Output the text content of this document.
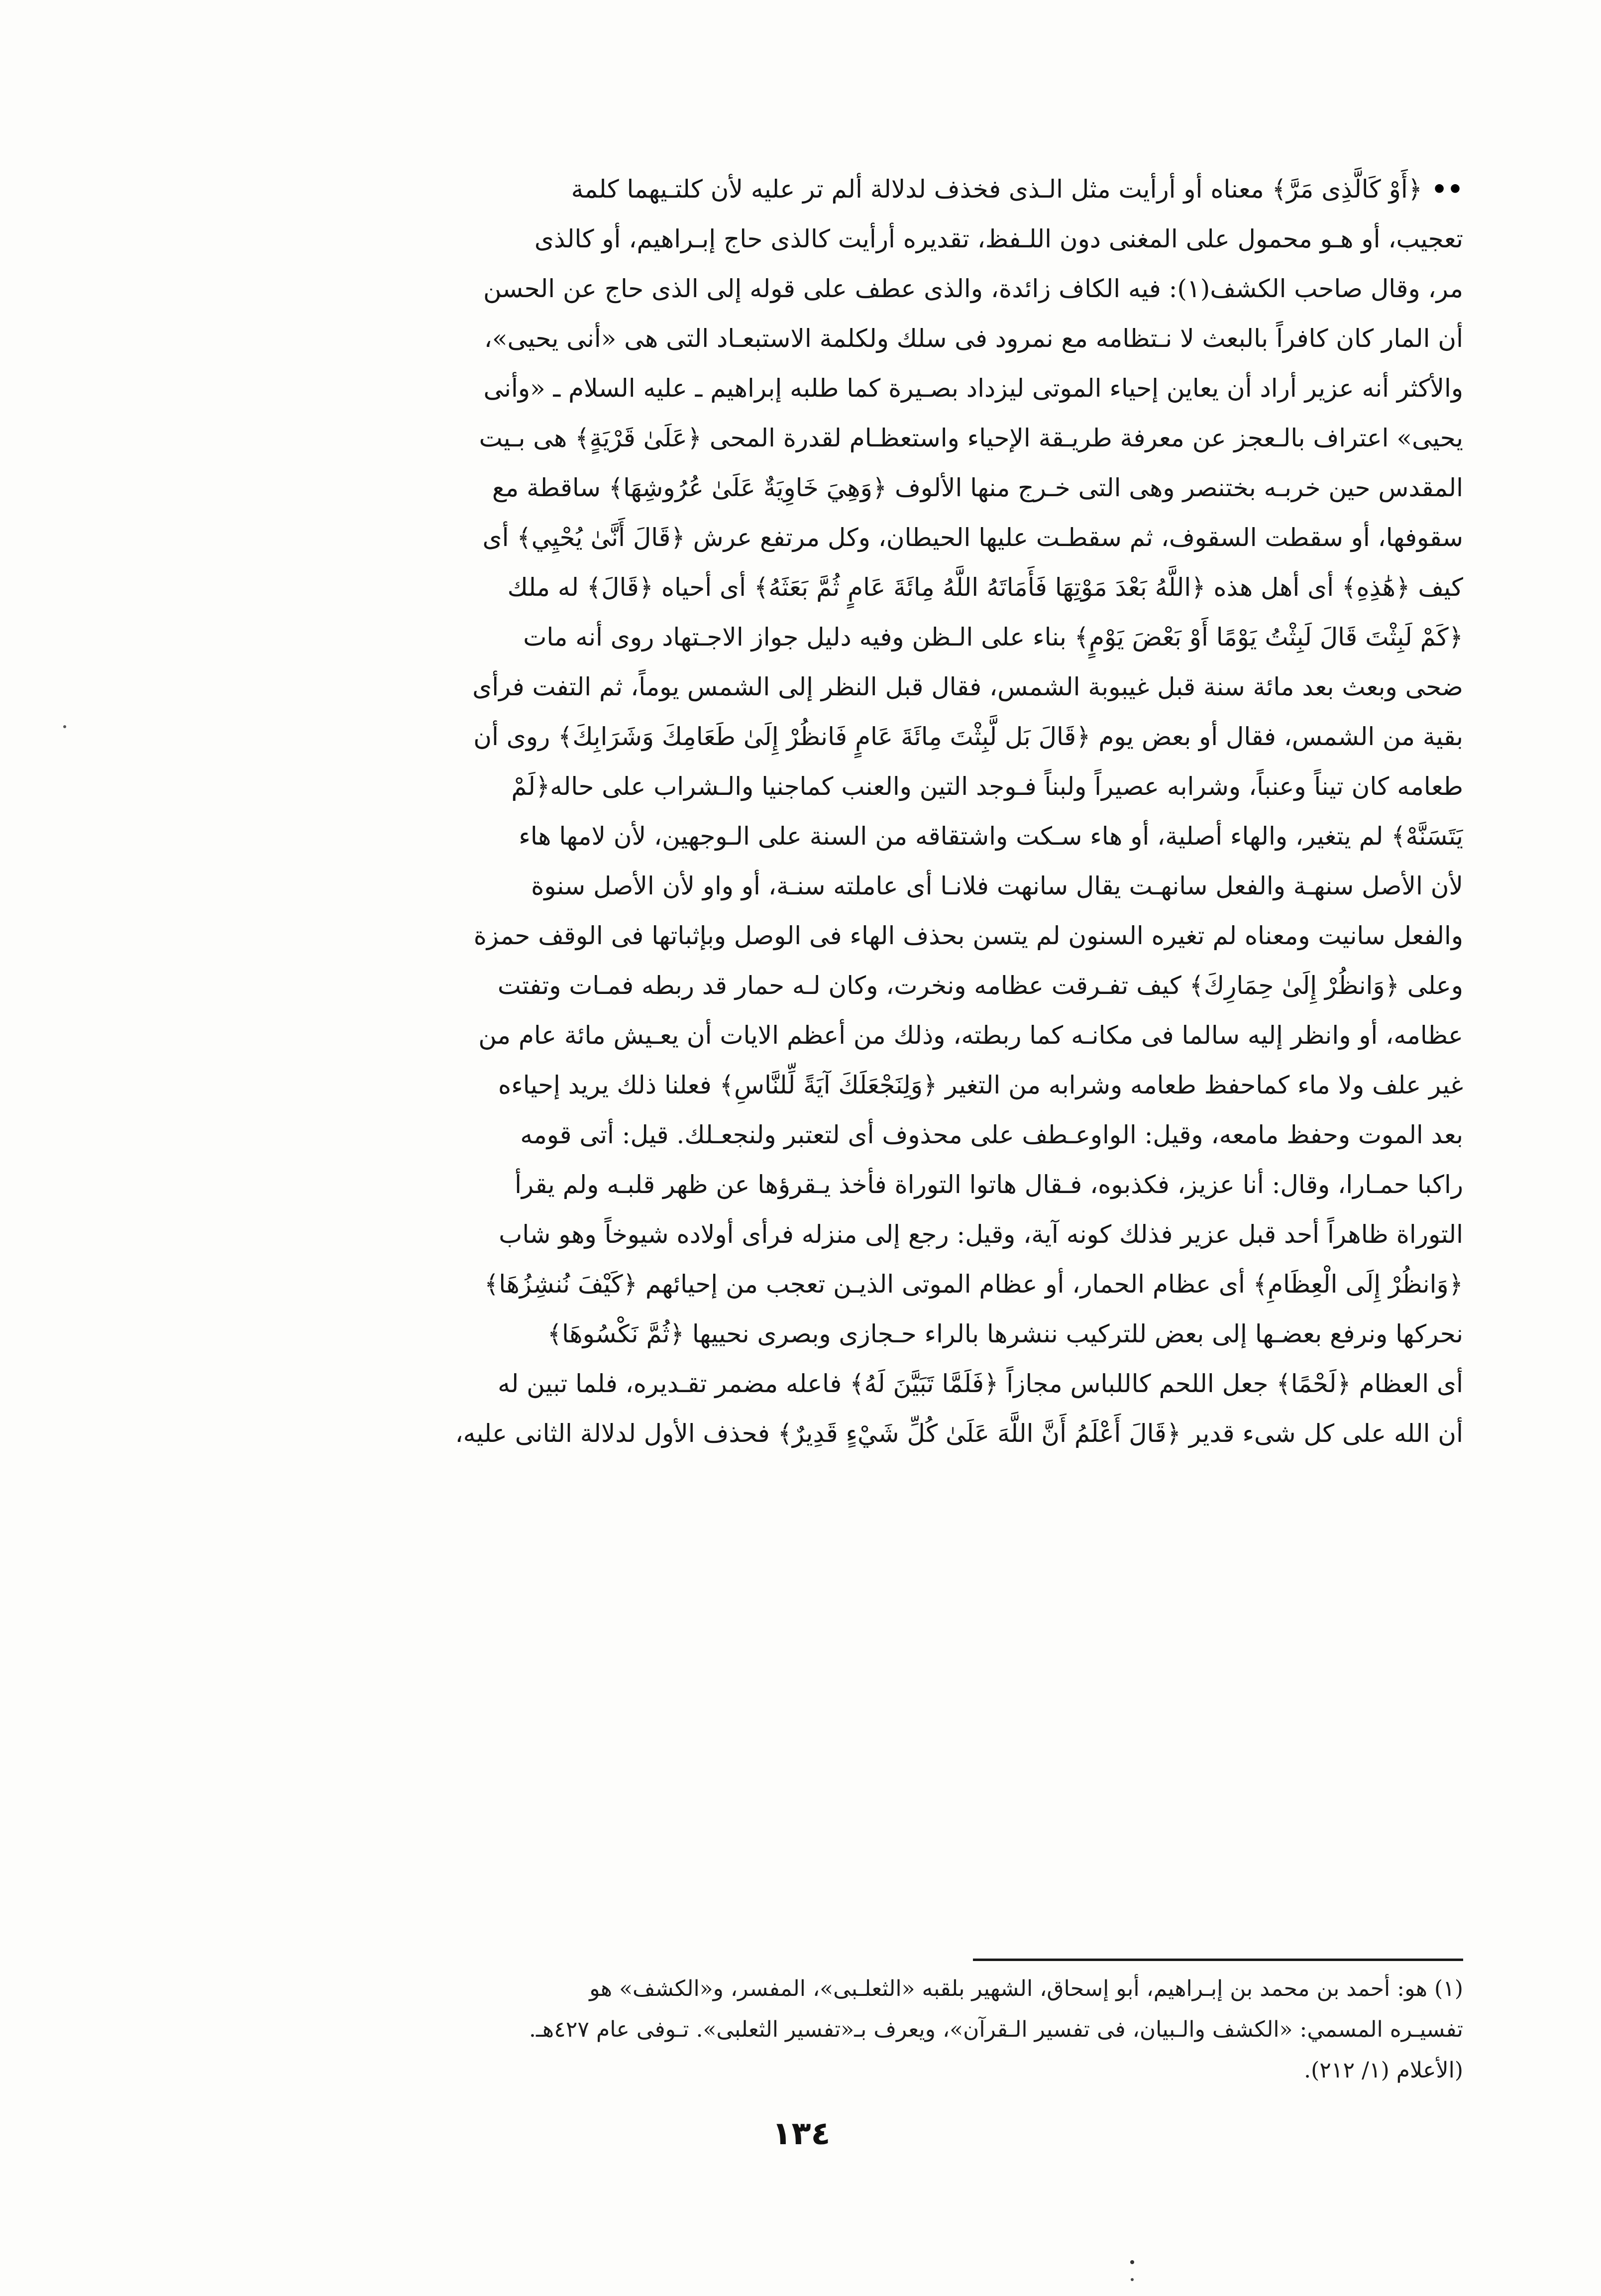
••﴿أَوْ كَالَّذِى مَرَّ﴾ معناه أو أرأيت مثل الـذى فخذف لدلالة ألم تر عليه لأن كلتـيهما كلمة
تعجيب، أو هـو محمول على المغنى دون اللـفظ، تقديره أرأيت كالذى حاج إبـراهيم، أو كالذى
مر، وقال صاحب الكشف(١): فيه الكاف زائدة، والذى عطف على قوله إلى الذى حاج عن الحسن
أن المار كان كافراً بالبعث لا نـتظامه مع نمرود فى سلك ولكلمة الاستبعـاد التى هى «أنى يحيى»،
والأكثر أنه عزير أراد أن يعاين إحياء الموتى ليزداد بصـيرة كما طلبه إبراهيم ـ عليه السلام ـ «وأنى
يحيى» اعتراف بالـعجز عن معرفة طريـقة الإحياء واستعظـام لقدرة المحى ﴿عَلَىٰ قَرْيَةٍ﴾ هى بـيت
المقدس حين خربـه بختنصر وهى التى خـرج منها الألوف ﴿وَهِيَ خَاوِيَةٌ عَلَىٰ عُرُوشِهَا﴾ ساقطة مع
سقوفها، أو سقطت السقوف، ثم سقطـت عليها الحيطان، وكل مرتفع عرش ﴿قَالَ أَنَّىٰ يُحْيِي﴾ أى
كيف ﴿هَٰذِهِ﴾ أى أهل هذه ﴿اللَّهُ بَعْدَ مَوْتِهَا فَأَمَاتَهُ اللَّهُ مِائَةَ عَامٍ ثُمَّ بَعَثَهُ﴾ أى أحياه ﴿قَالَ﴾ له ملك
﴿كَمْ لَبِثْتَ قَالَ لَبِثْتُ يَوْمًا أَوْ بَعْضَ يَوْمٍ﴾ بناء على الـظن وفيه دليل جواز الاجـتهاد روى أنه مات
ضحى وبعث بعد مائة سنة قبل غيبوبة الشمس، فقال قبل النظر إلى الشمس يوماً، ثم التفت فرأى
بقية من الشمس، فقال أو بعض يوم ﴿قَالَ بَل لَّبِثْتَ مِائَةَ عَامٍ فَانظُرْ إِلَىٰ طَعَامِكَ وَشَرَابِكَ﴾ روى أن
طعامه كان تيناً وعنباً، وشرابه عصيراً ولبناً فـوجد التين والعنب كماجنيا والـشراب على حاله﴿لَمْ
يَتَسَنَّهْ﴾ لم يتغير، والهاء أصلية، أو هاء سـكت واشتقاقه من السنة على الـوجهين، لأن لامها هاء
لأن الأصل سنهـة والفعل سانهـت يقال سانهت فلانـا أى عاملته سنـة، أو واو لأن الأصل سنوة
والفعل سانيت ومعناه لم تغيره السنون لم يتسن بحذف الهاء فى الوصل وبإثباتها فى الوقف حمزة
وعلى ﴿وَانظُرْ إِلَىٰ حِمَارِكَ﴾ كيف تفـرقت عظامه ونخرت، وكان لـه حمار قد ربطه فمـات وتفتت
عظامه، أو وانظر إليه سالما فى مكانـه كما ربطته، وذلك من أعظم الايات أن يعـيش مائة عام من
غير علف ولا ماء كماحفظ طعامه وشرابه من التغير ﴿وَلِنَجْعَلَكَ آيَةً لِّلنَّاسِ﴾ فعلنا ذلك يريد إحياءه
بعد الموت وحفظ مامعه، وقيل: الواوعـطف على محذوف أى لتعتبر ولنجعـلك. قيل: أتى قومه
راكبا حمـارا، وقال: أنا عزيز، فكذبوه، فـقال هاتوا التوراة فأخذ يـقرؤها عن ظهر قلبـه ولم يقرأ
التوراة ظاهراً أحد قبل عزير فذلك كونه آية، وقيل: رجع إلى منزله فرأى أولاده شيوخاً وهو شاب
﴿وَانظُرْ إِلَى الْعِظَامِ﴾ أى عظام الحمار، أو عظام الموتى الذيـن تعجب من إحيائهم ﴿كَيْفَ نُنشِزُهَا﴾
نحركها ونرفع بعضـها إلى بعض للتركيب ننشرها بالراء حـجازى وبصرى نحييها ﴿ثُمَّ نَكْسُوهَا﴾
أى العظام ﴿لَحْمًا﴾ جعل اللحم كاللباس مجازاً ﴿فَلَمَّا تَبَيَّنَ لَهُ﴾ فاعله مضمر تقـديره، فلما تبين له
أن الله على كل شىء قدير ﴿قَالَ أَعْلَمُ أَنَّ اللَّهَ عَلَىٰ كُلِّ شَيْءٍ قَدِيرٌ﴾ فحذف الأول لدلالة الثانى عليه،
(١) هو: أحمد بن محمد بن إبـراهيم، أبو إسحاق، الشهير بلقبه «الثعلـبى»، المفسر، و«الكشف» هو
تفسيـره المسمي: «الكشف والـبيان، فى تفسير الـقرآن»، ويعرف بـ«تفسير الثعلبى». تـوفى عام ٤٢٧هـ.
(الأعلام (١/ ٢١٢).
١٣٤
